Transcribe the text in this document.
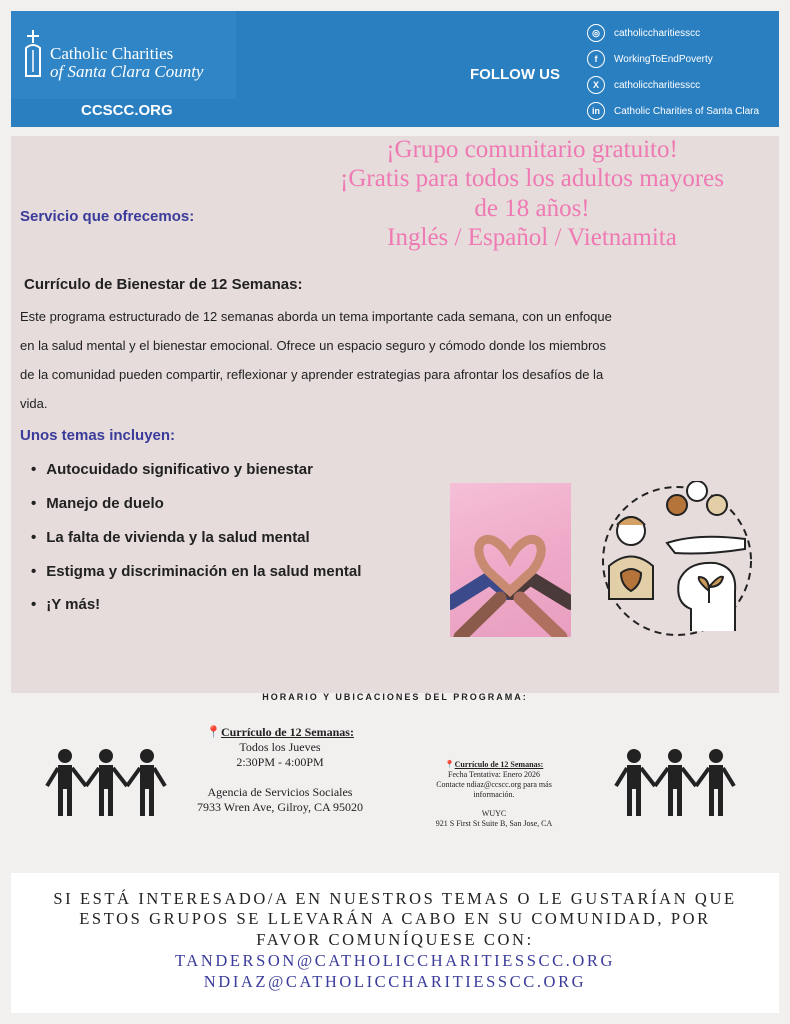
Catholic Charities
of Santa Clara County
CCSCC.ORG
FOLLOW US
◎	catholiccharitiesscc
f	WorkingToEndPoverty
X	catholiccharitiesscc
in	Catholic Charities of Santa Clara
Servicio que ofrecemos:
¡Grupo comunitario gratuito!
¡Gratis para todos los adultos mayores
de 18 años!
Inglés / Español / Vietnamita
Currículo de Bienestar de 12 Semanas:
Este programa estructurado de 12 semanas aborda un tema importante cada semana, con un enfoque
en la salud mental y el bienestar emocional. Ofrece un espacio seguro y cómodo donde los miembros
de la comunidad pueden compartir, reflexionar y aprender estrategias para afrontar los desafíos de la
vida.
Unos temas incluyen:
• Autocuidado significativo y bienestar
• Manejo de duelo
• La falta de vivienda y la salud mental
• Estigma y discriminación en la salud mental
• ¡Y más!
HORARIO Y UBICACIONES DEL PROGRAMA:
📍Currículo de 12 Semanas:
Todos los Jueves
2:30PM - 4:00PM
Agencia de Servicios Sociales
7933 Wren Ave, Gilroy, CA 95020
📍Currículo de 12 Semanas:
Fecha Tentativa: Enero 2026
Contacte ndiaz@ccscc.org para más
información.
WUYC
921 S First St Suite B, San Jose, CA
SI ESTÁ INTERESADO/A EN NUESTROS TEMAS O LE GUSTARÍAN QUE
ESTOS GRUPOS SE LLEVARÁN A CABO EN SU COMUNIDAD, POR
FAVOR COMUNÍQUESE CON:
TANDERSON@CATHOLICCHARITIESSCC.ORG
NDIAZ@CATHOLICCHARITIESSCC.ORG
